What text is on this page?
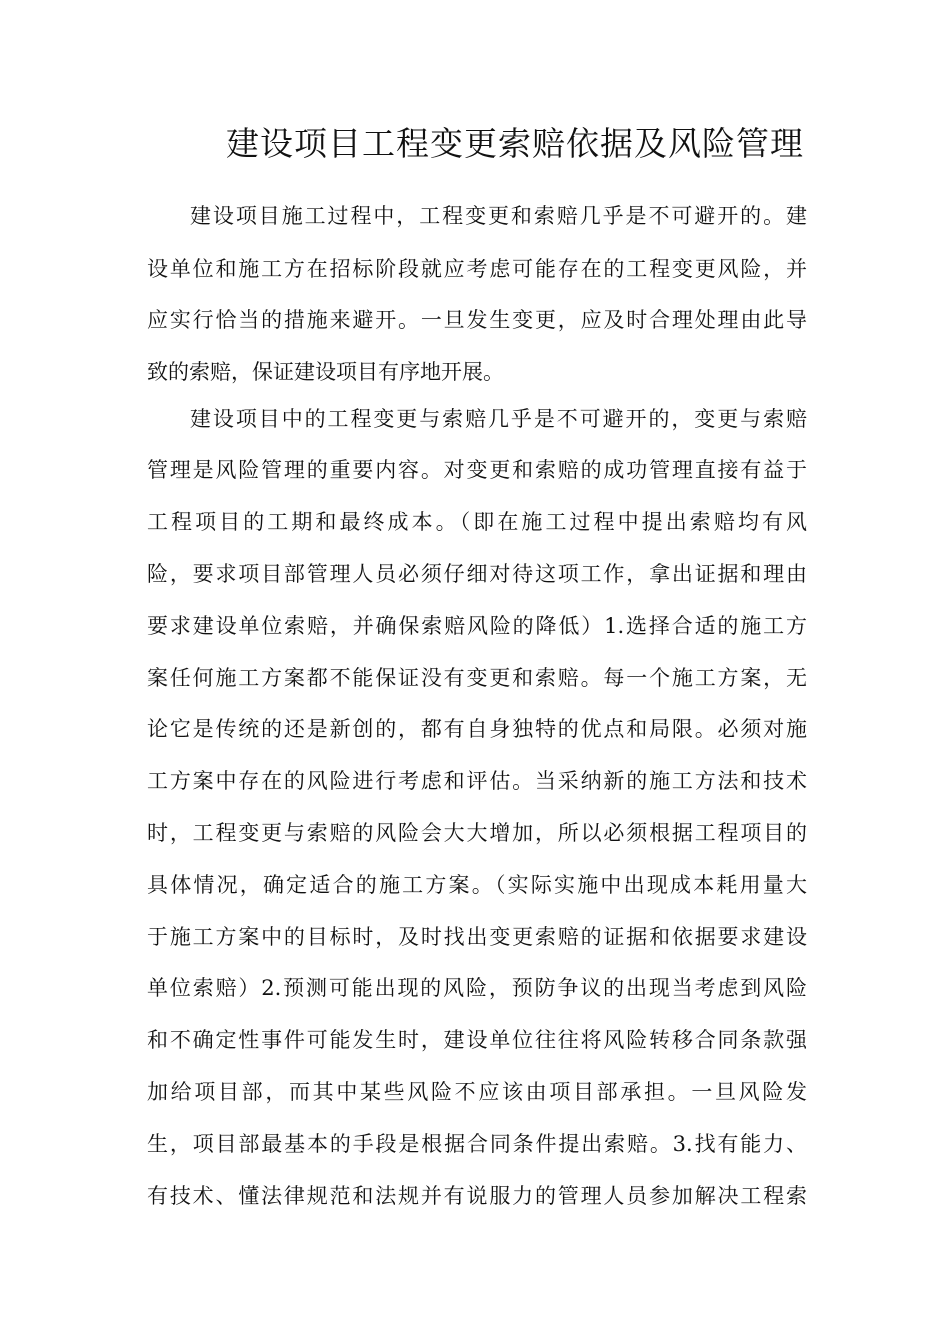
建设项目工程变更索赔依据及风险管理
建设项目施工过程中，工程变更和索赔几乎是不可避开的。建
设单位和施工方在招标阶段就应考虑可能存在的工程变更风险，并
应实行恰当的措施来避开。一旦发生变更，应及时合理处理由此导
致的索赔，保证建设项目有序地开展。
建设项目中的工程变更与索赔几乎是不可避开的，变更与索赔
管理是风险管理的重要内容。对变更和索赔的成功管理直接有益于
工程项目的工期和最终成本。（即在施工过程中提出索赔均有风
险，要求项目部管理人员必须仔细对待这项工作，拿出证据和理由
要求建设单位索赔，并确保索赔风险的降低）1.选择合适的施工方
案任何施工方案都不能保证没有变更和索赔。每一个施工方案，无
论它是传统的还是新创的，都有自身独特的优点和局限。必须对施
工方案中存在的风险进行考虑和评估。当采纳新的施工方法和技术
时，工程变更与索赔的风险会大大增加，所以必须根据工程项目的
具体情况，确定适合的施工方案。（实际实施中出现成本耗用量大
于施工方案中的目标时，及时找出变更索赔的证据和依据要求建设
单位索赔）2.预测可能出现的风险，预防争议的出现当考虑到风险
和不确定性事件可能发生时，建设单位往往将风险转移合同条款强
加给项目部，而其中某些风险不应该由项目部承担。一旦风险发
生，项目部最基本的手段是根据合同条件提出索赔。3.找有能力、
有技术、懂法律规范和法规并有说服力的管理人员参加解决工程索
